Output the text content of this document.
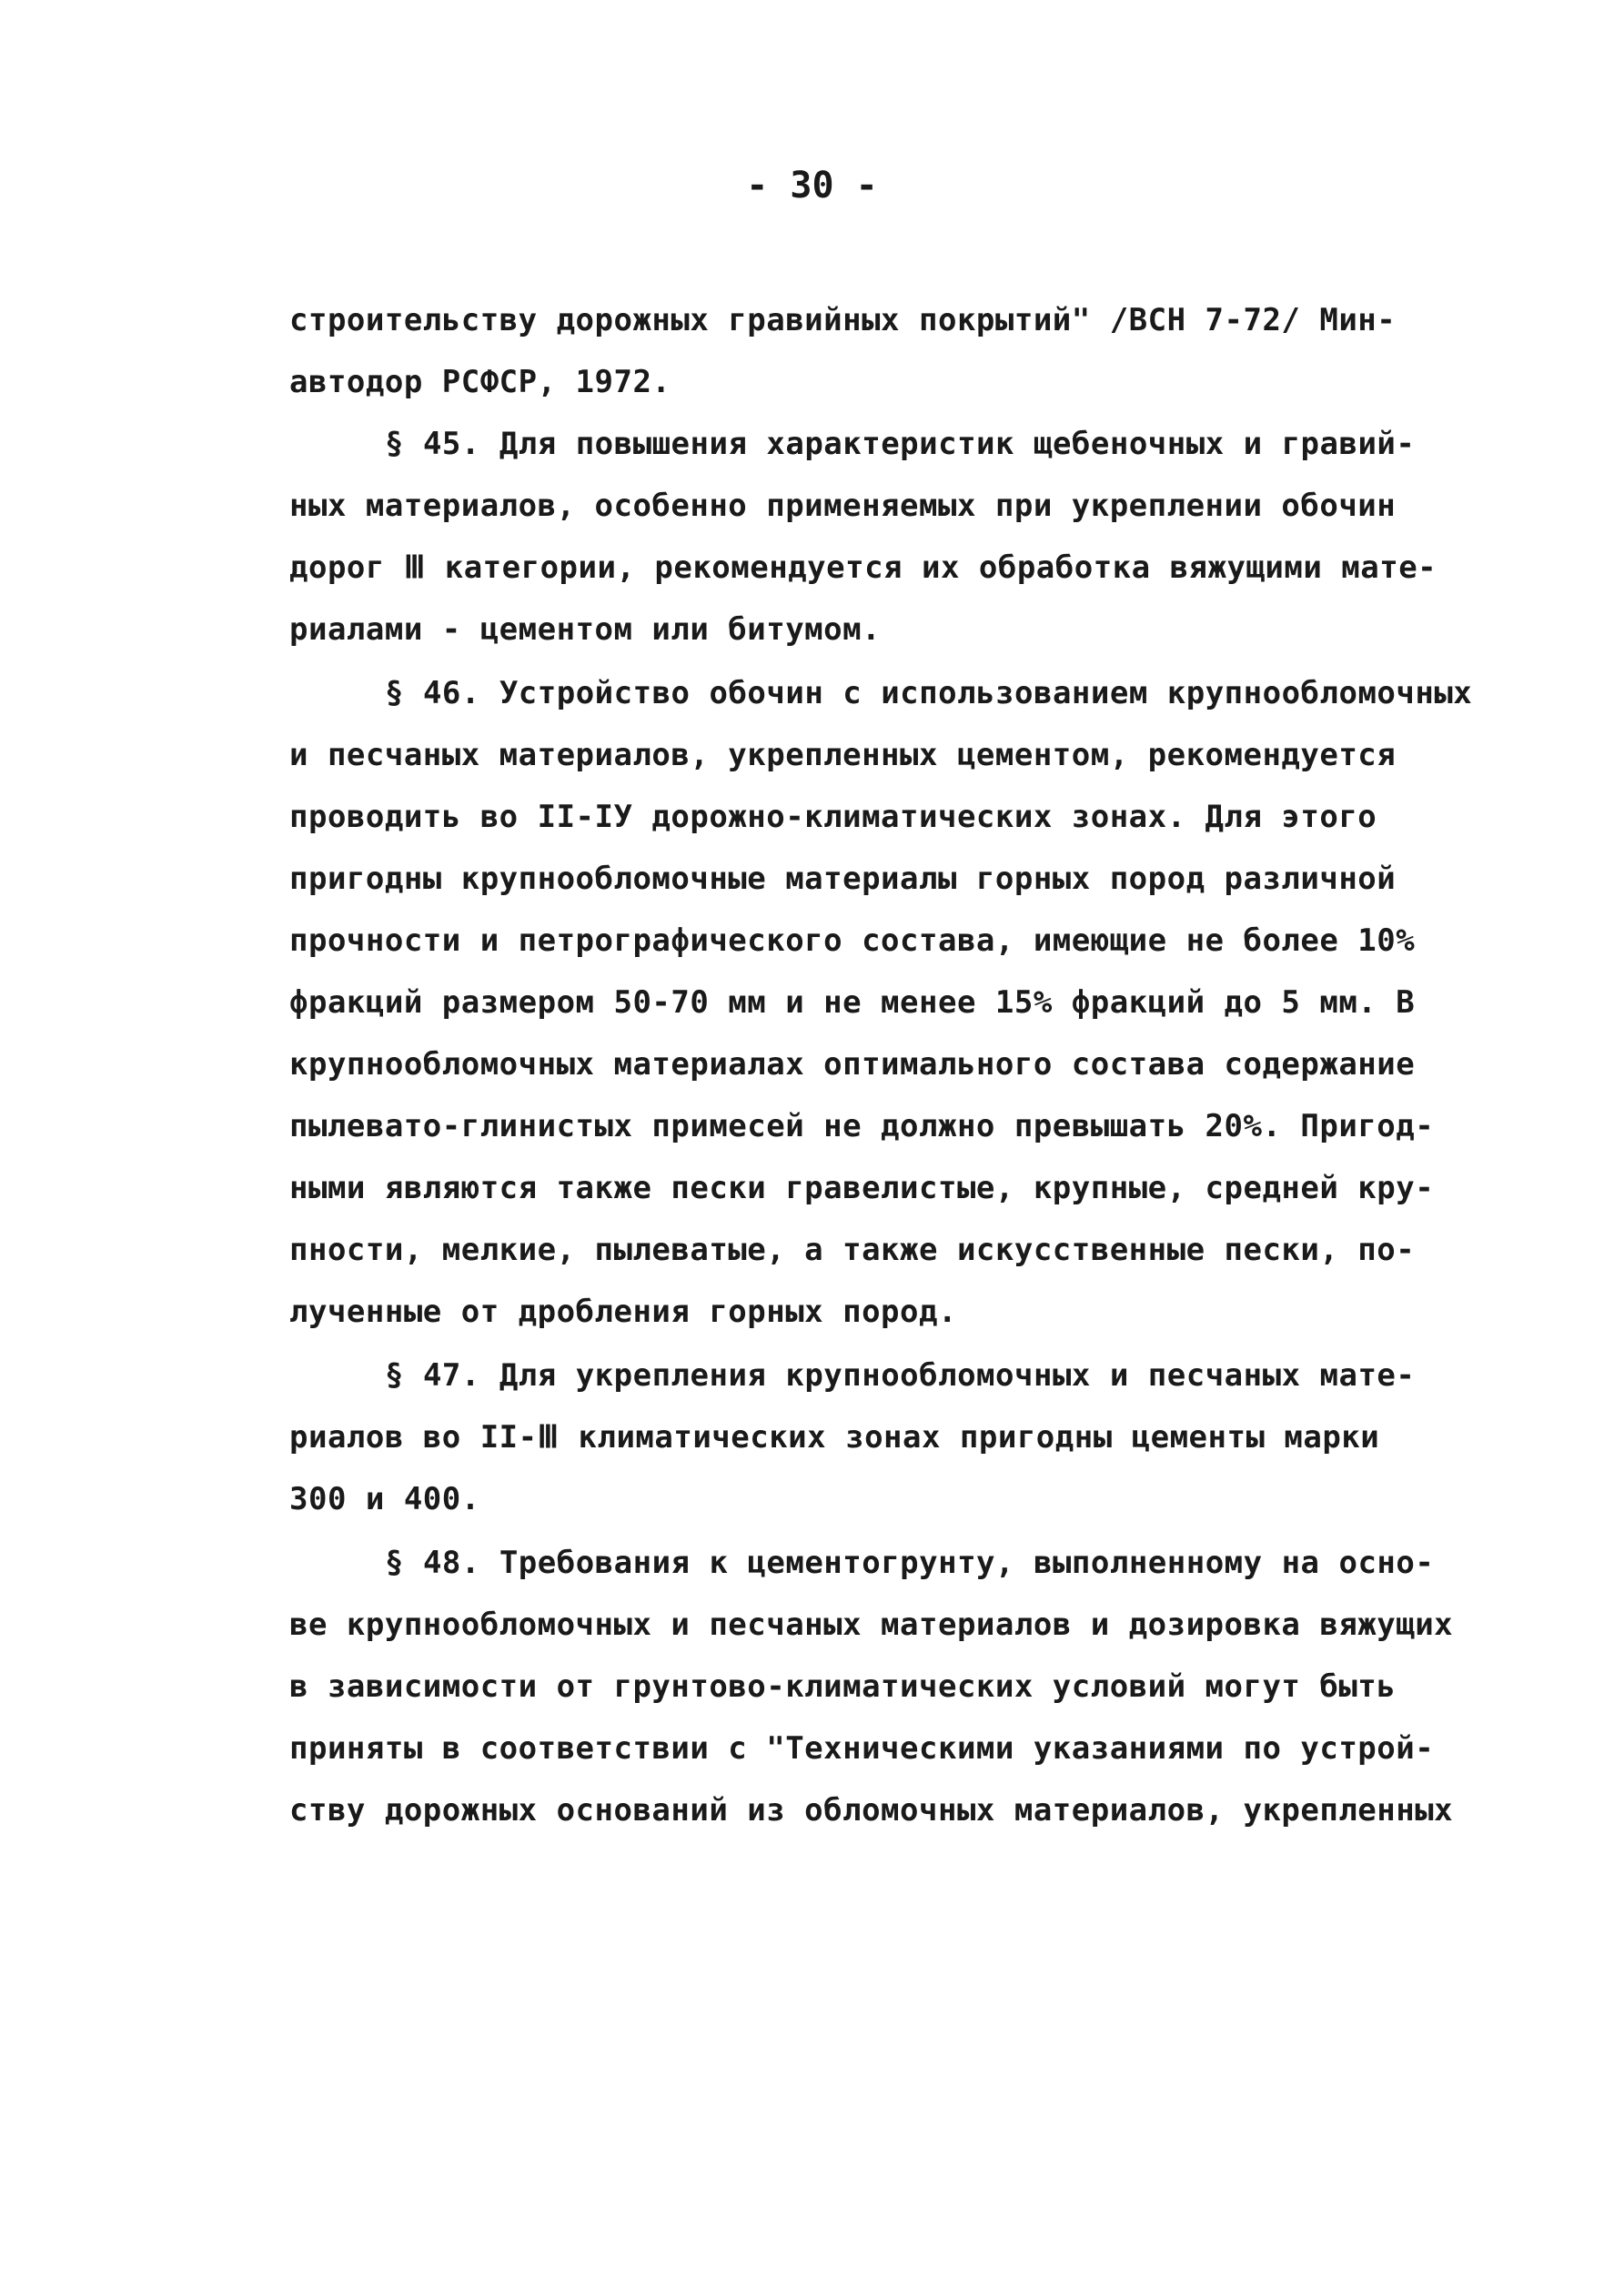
- 30 -
строительству дорожных гравийных покрытий" /ВСН 7-72/ Мин-
автодор РСФСР, 1972.
§ 45. Для повышения характеристик щебеночных и гравий-
ных материалов, особенно применяемых при укреплении обочин
дорог Ⅲ категории, рекомендуется их обработка вяжущими мате-
риалами - цементом или битумом.
§ 46. Устройство обочин с использованием крупнообломочных
и песчаных материалов, укрепленных цементом, рекомендуется
проводить во II-IУ дорожно-климатических зонах. Для этого
пригодны крупнообломочные материалы горных пород различной
прочности и петрографического состава, имеющие не более 10%
фракций размером 50-70 мм и не менее 15% фракций до 5 мм. В
крупнообломочных материалах оптимального состава содержание
пылевато-глинистых примесей не должно превышать 20%. Пригод-
ными являются также пески гравелистые, крупные, средней кру-
пности, мелкие, пылеватые, а также искусственные пески, по-
лученные от дробления горных пород.
§ 47. Для укрепления крупнообломочных и песчаных мате-
риалов во II-Ⅲ климатических зонах пригодны цементы марки
300 и 400.
§ 48. Требования к цементогрунту, выполненному на осно-
ве крупнообломочных и песчаных материалов и дозировка вяжущих
в зависимости от грунтово-климатических условий могут быть
приняты в соответствии с "Техническими указаниями по устрой-
ству дорожных оснований из обломочных материалов, укрепленных
